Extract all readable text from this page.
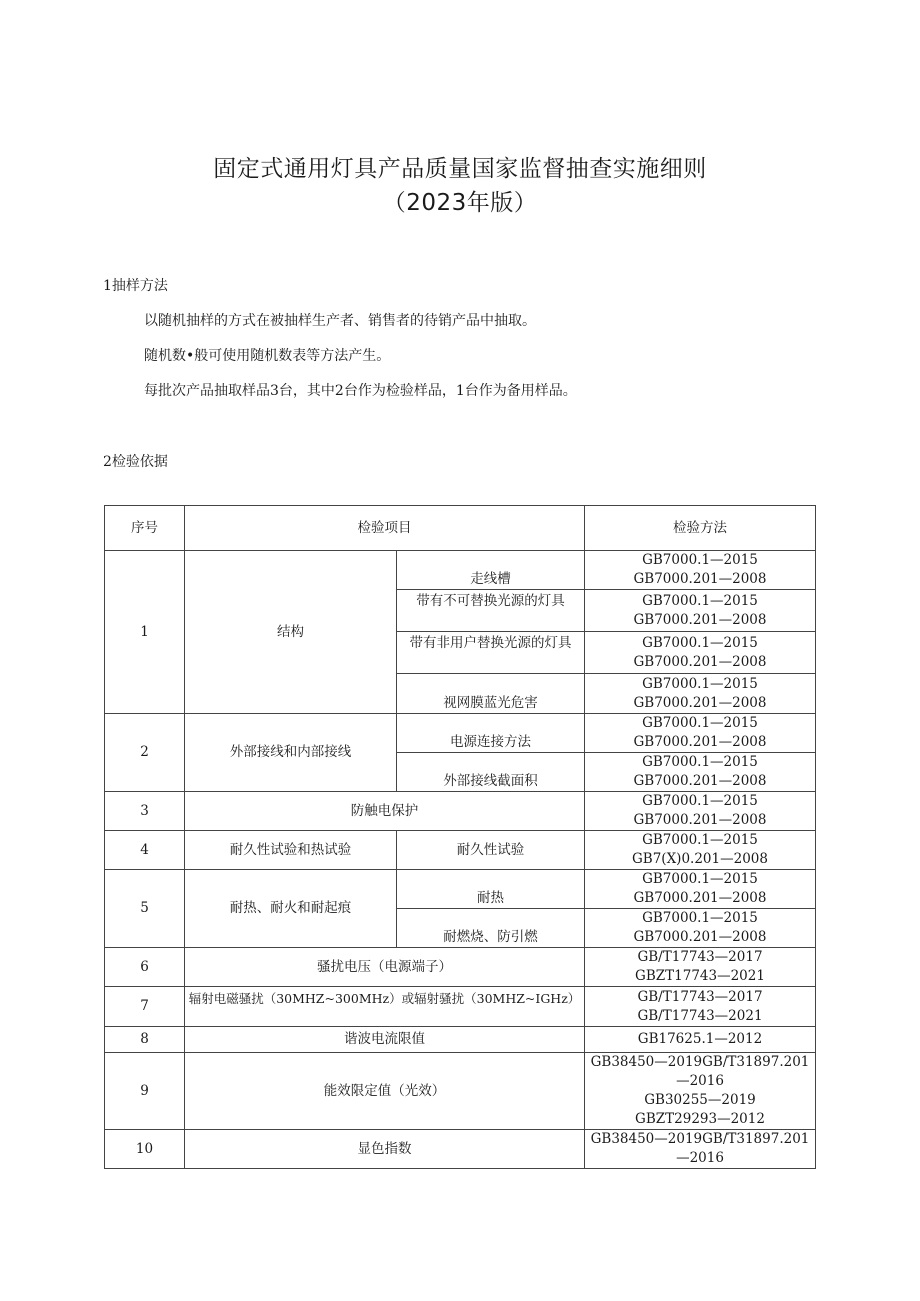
固定式通用灯具产品质量国家监督抽查实施细则
（2023年版）
1抽样方法
以随机抽样的方式在被抽样生产者、销售者的待销产品中抽取。
随机数•般可使用随机数表等方法产生。
每批次产品抽取样品3台，其中2台作为检验样品，1台作为备用样品。
2检验依据
序号	检验项目		检验方法
1	结构	走线槽	GB7000.1—2015
GB7000.201—2008

		带有不可替换光源的灯具	GB7000.1—2015
GB7000.201—2008

		带有非用户替换光源的灯具	GB7000.1—2015
GB7000.201—2008

		视网膜蓝光危害	GB7000.1—2015
GB7000.201—2008

2	外部接线和内部接线	电源连接方法	GB7000.1—2015
GB7000.201—2008

		外部接线截面积	GB7000.1—2015
GB7000.201—2008

3	防触电保护		GB7000.1—2015
GB7000.201—2008

4	耐久性试验和热试验	耐久性试验	GB7000.1—2015
GB7(X)0.201—2008

5	耐热、耐火和耐起痕	耐热	GB7000.1—2015
GB7000.201—2008

		耐燃烧、防引燃	GB7000.1—2015
GB7000.201—2008

6	骚扰电压（电源端子）		GB/T17743—2017
GBZT17743—2021

7	辐射电磁骚扰（30MHZ~300MHz）或辐射骚扰（30MHZ~IGHz）		GB/T17743—2017
GB/T17743—2021

8	谐波电流限值		GB17625.1—2012
9	能效限定值（光效）		GB38450—2019GB/T31897.201—2016
GB30255—2019
GBZT29293—2012

10	显色指数		GB38450—2019GB/T31897.201—2016
